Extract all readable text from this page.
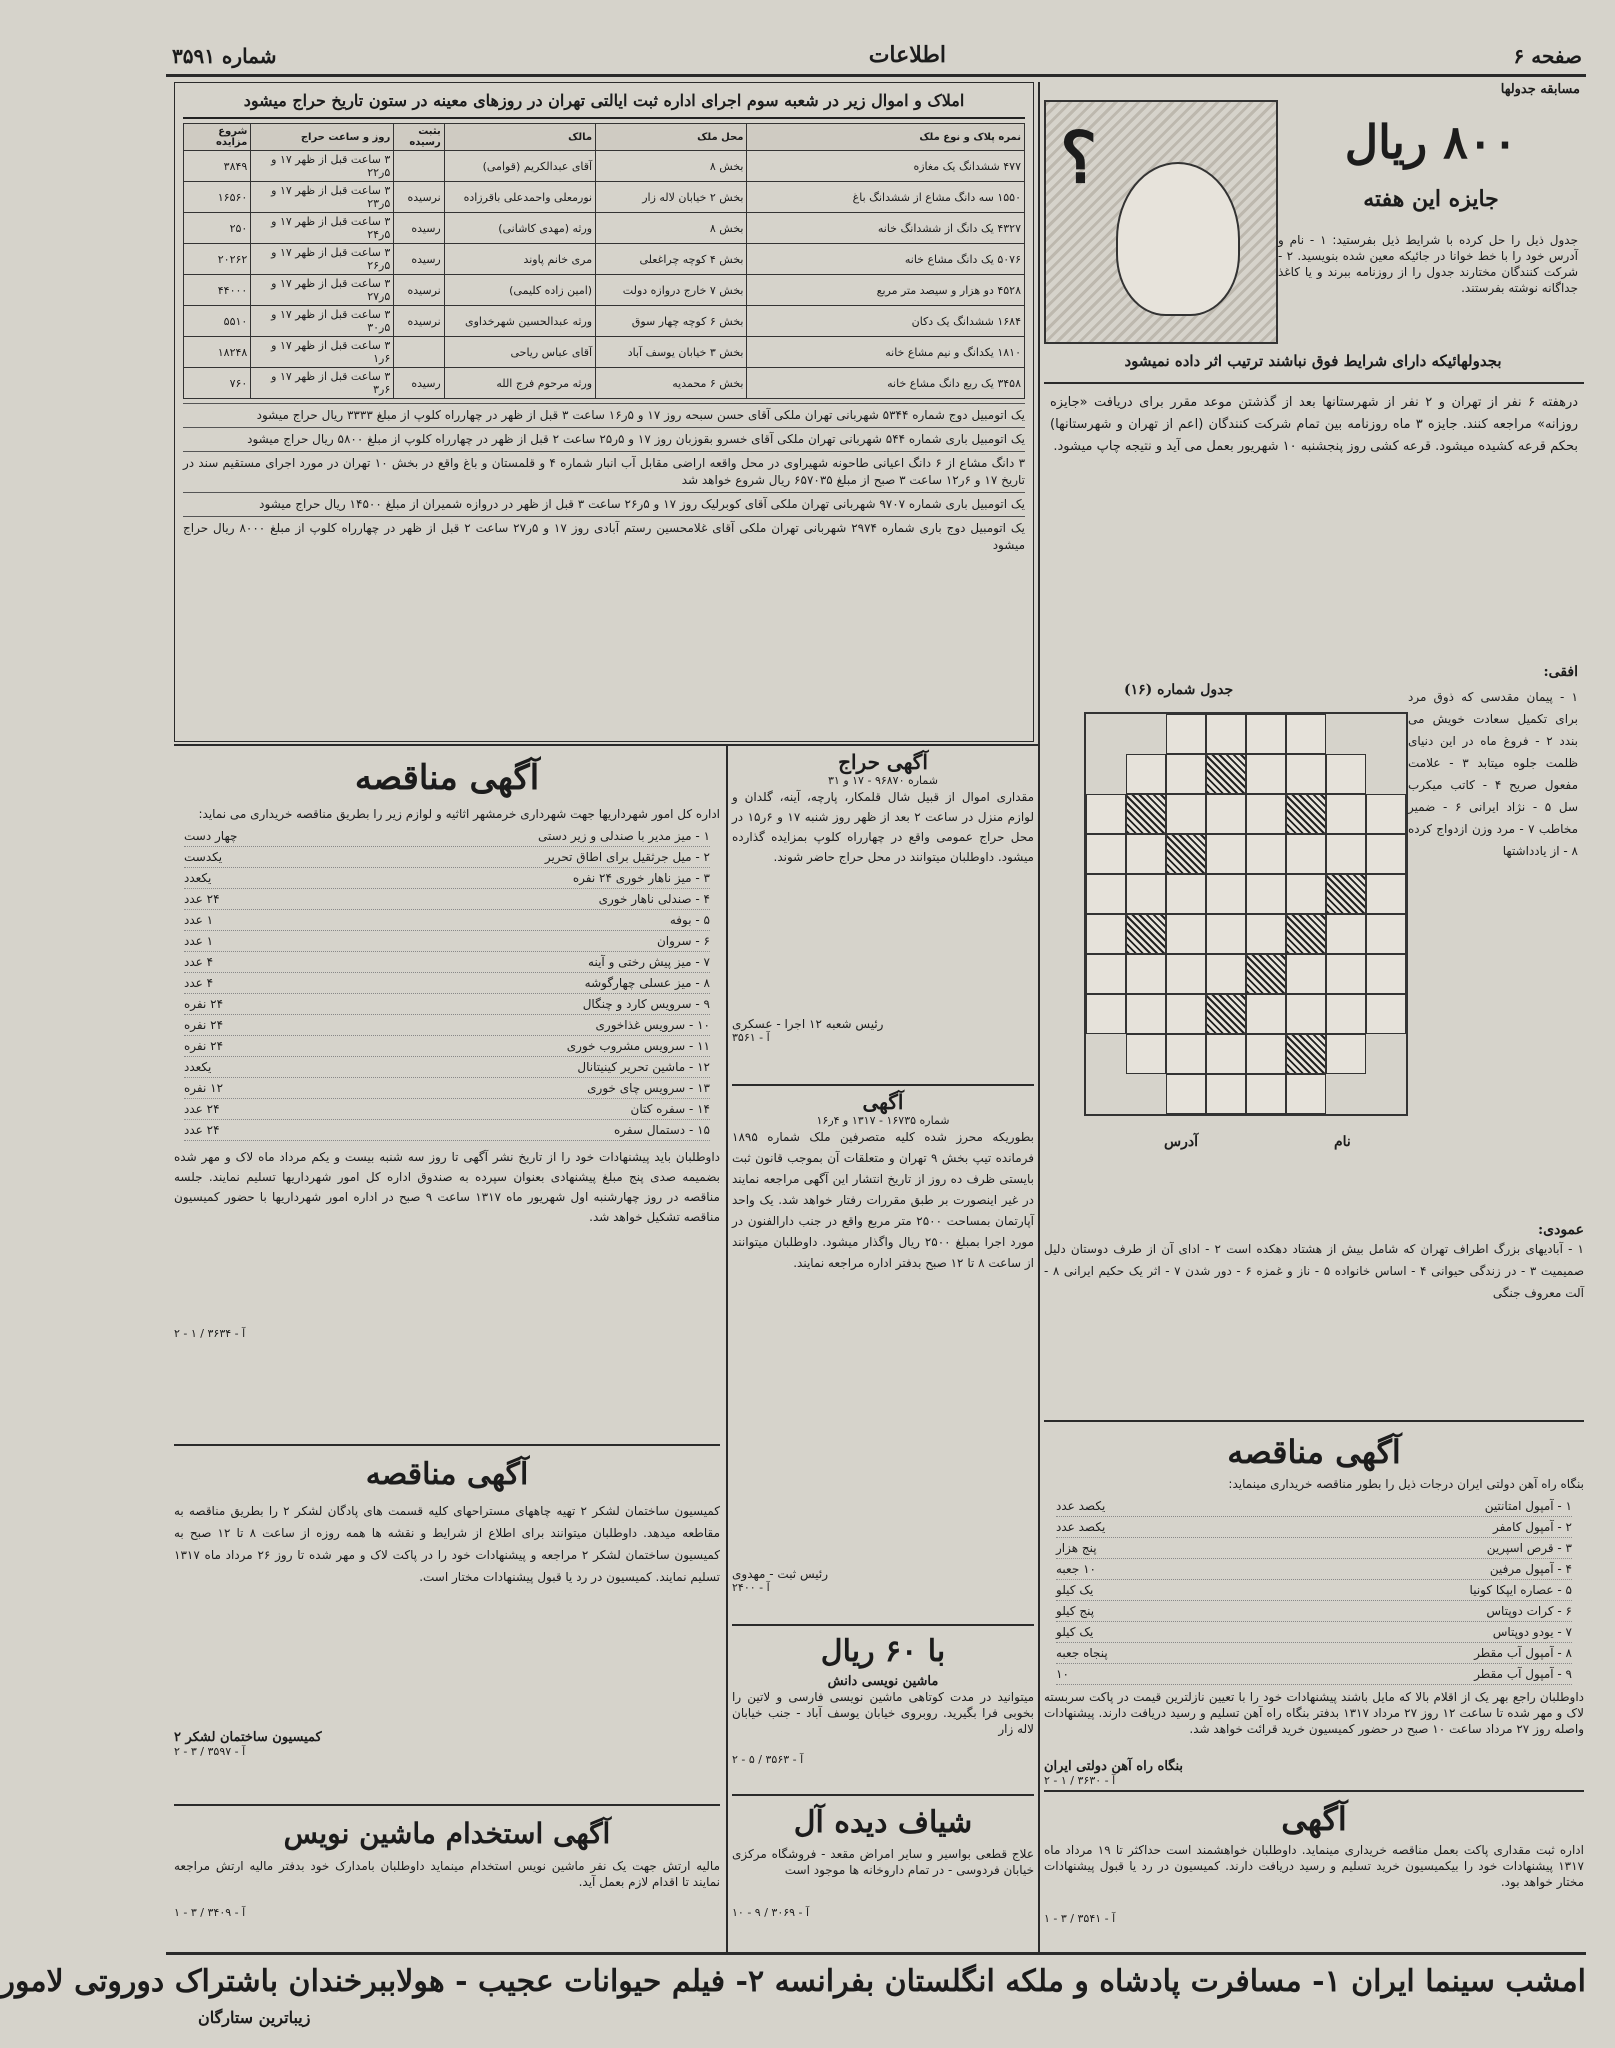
صفحه ۶
اطلاعات
شماره ۳۵۹۱
املاک و اموال زیر در شعبه سوم اجرای اداره ثبت ایالتی تهران در روزهای معینه در ستون تاریخ حراج میشود
نمره پلاک و نوع ملک	محل ملک	مالک	بثبت رسیده	روز و ساعت حراج	شروع مزایده
۴۷۷ ششدانگ یک مغازه	بخش ۸	آقای عبدالکریم (قوامی)		۳ ساعت قبل از ظهر ۱۷ و ۵ر۲۲	۳۸۴۹
۱۵۵۰ سه دانگ مشاع از ششدانگ باغ	بخش ۲ خیابان لاله زار	نورمعلی واحمدعلی باقرزاده	نرسیده	۳ ساعت قبل از ظهر ۱۷ و ۵ر۲۳	۱۶۵۶۰
۴۳۲۷ یک دانگ از ششدانگ خانه	بخش ۸	ورثه (مهدی کاشانی)	رسیده	۳ ساعت قبل از ظهر ۱۷ و ۵ر۲۴	۲۵۰
۵۰۷۶ یک دانگ مشاع خانه	بخش ۴ کوچه چراغعلی	مری خانم پاوند	رسیده	۳ ساعت قبل از ظهر ۱۷ و ۵ر۲۶	۲۰۲۶۲
۴۵۲۸ دو هزار و سیصد متر مربع	بخش ۷ خارج دروازه دولت	(امین زاده کلیمی)	نرسیده	۳ ساعت قبل از ظهر ۱۷ و ۵ر۲۷	۴۴۰۰۰
۱۶۸۴ ششدانگ یک دکان	بخش ۶ کوچه چهار سوق	ورثه عبدالحسین شهرخداوی	نرسیده	۳ ساعت قبل از ظهر ۱۷ و ۵ر۳۰	۵۵۱۰
۱۸۱۰ یکدانگ و نیم مشاع خانه	بخش ۳ خیابان یوسف آباد	آقای عباس ریاحی		۳ ساعت قبل از ظهر ۱۷ و ۶ر۱	۱۸۲۴۸
۳۴۵۸ یک ربع دانگ مشاع خانه	بخش ۶ محمدیه	ورثه مرحوم فرج الله	رسیده	۳ ساعت قبل از ظهر ۱۷ و ۶ر۳	۷۶۰
یک اتومبیل دوج شماره ۵۳۴۴ شهربانی تهران ملکی آقای حسن سبحه روز ۱۷ و ۵ر۱۶ ساعت ۳ قبل از ظهر در چهارراه کلوپ از مبلغ ۳۳۳۳ ریال حراج میشود
یک اتومبیل باری شماره ۵۴۴ شهربانی تهران ملکی آقای خسرو بقوزبان روز ۱۷ و ۵ر۲۵ ساعت ۲ قبل از ظهر در چهارراه کلوپ از مبلغ ۵۸۰۰ ریال حراج میشود
۳ دانگ مشاع از ۶ دانگ اعیانی طاحونه شهیراوی در محل واقعه اراضی مقابل آب انبار شماره ۴ و قلمستان و باغ واقع در بخش ۱۰ تهران در مورد اجرای مستقیم سند در تاریخ ۱۷ و ۶ر۱۲ ساعت ۳ صبح از مبلغ ۶۵۷۰۳۵ ریال شروع خواهد شد
یک اتومبیل باری شماره ۹۷۰۷ شهربانی تهران ملکی آقای کوبرلیک روز ۱۷ و ۵ر۲۶ ساعت ۳ قبل از ظهر در دروازه شمیران از مبلغ ۱۴۵۰۰ ریال حراج میشود
یک اتومبیل دوج باری شماره ۲۹۷۴ شهربانی تهران ملکی آقای غلامحسین رستم آبادی روز ۱۷ و ۵ر۲۷ ساعت ۲ قبل از ظهر در چهارراه کلوپ از مبلغ ۸۰۰۰ ریال حراج میشود
مسابقه جدولها
؟	۸۰۰ ریال
جایزه این هفته
جدول ذیل را حل کرده با شرایط ذیل بفرستید: ۱ - نام و آدرس خود را با خط خوانا در جائیکه معین شده بنویسید. ۲ - شرکت کنندگان مختارند جدول را از روزنامه ببرند و یا کاغذ جداگانه نوشته بفرستند.
بجدولهائیکه دارای شرایط فوق نباشند ترتیب اثر داده نمیشود
درهفته ۶ نفر از تهران و ۲ نفر از شهرستانها بعد از گذشتن موعد مقرر برای دریافت «جایزه روزانه» مراجعه کنند. جایزه ۳ ماه روزنامه بین تمام شرکت کنندگان (اعم از تهران و شهرستانها) بحکم قرعه کشیده میشود. قرعه کشی روز پنجشنبه ۱۰ شهریور بعمل می آید و نتیجه چاپ میشود.
افقی:
جدول شماره (۱۶)
نام
آدرس
۱ - پیمان مقدسی که ذوق مرد برای تکمیل سعادت خویش می بندد ۲ - فروغ ماه در این دنیای ظلمت جلوه میتابد ۳ - علامت مفعول صریح ۴ - کاتب میکرب سل ۵ - نژاد ایرانی ۶ - ضمیر مخاطب ۷ - مرد وزن ازدواج کرده ۸ - از یادداشتها
عمودی:
۱ - آبادیهای بزرگ اطراف تهران که شامل بیش از هشتاد دهکده است ۲ - ادای آن از طرف دوستان دلیل صمیمیت ۳ - در زندگی حیوانی ۴ - اساس خانواده ۵ - ناز و غمزه ۶ - دور شدن ۷ - اثر یک حکیم ایرانی ۸ - آلت معروف جنگی
آگهی مناقصه
بنگاه راه آهن دولتی ایران درجات ذیل را بطور مناقصه خریداری مینماید:
۱ - آمپول امتانتین
یکصد عدد
۲ - آمپول کامفر
یکصد عدد
۳ - قرص اسپرین
پنج هزار
۴ - آمپول مرفین
۱۰ جعبه
۵ - عصاره ایپکا کونیا
یک کیلو
۶ - کرات دوپتاس
پنج کیلو
۷ - یودو دوپتاس
یک کیلو
۸ - آمپول آب مقطر
پنجاه جعبه
۹ - آمپول آب مقطر
۱۰
داوطلبان راجع بهر یک از اقلام بالا که مایل باشند پیشنهادات خود را با تعیین نازلترین قیمت در پاکت سربسته لاک و مهر شده تا ساعت ۱۲ روز ۲۷ مرداد ۱۳۱۷ بدفتر بنگاه راه آهن تسلیم و رسید دریافت دارند. پیشنهادات واصله روز ۲۷ مرداد ساعت ۱۰ صبح در حضور کمیسیون خرید قرائت خواهد شد.
بنگاه راه آهن دولتی ایران
آ - ۳۶۳۰ / ۱ - ۲
آگهی
اداره ثبت مقداری پاکت بعمل مناقصه خریداری مینماید. داوطلبان خواهشمند است حداکثر تا ۱۹ مرداد ماه ۱۳۱۷ پیشنهادات خود را بیکمیسیون خرید تسلیم و رسید دریافت دارند. کمیسیون در رد یا قبول پیشنهادات مختار خواهد بود.
آ - ۳۵۴۱ / ۳ - ۱
آگهی حراج
شماره ۹۶۸۷۰ - ۱۷ و ۳۱
مقداری اموال از قبیل شال قلمکار، پارچه، آینه، گلدان و لوازم منزل در ساعت ۲ بعد از ظهر روز شنبه ۱۷ و ۶ر۱۵ در محل حراج عمومی واقع در چهارراه کلوپ بمزایده گذارده میشود. داوطلبان میتوانند در محل حراج حاضر شوند.
رئیس شعبه ۱۲ اجرا - عسکری
آ - ۳۵۶۱
آگهی
شماره ۱۶۷۳۵ - ۱۳۱۷ و ۴ر۱۶
بطوریکه محرز شده کلیه متصرفین ملک شماره ۱۸۹۵ فرمانده تیپ بخش ۹ تهران و متعلقات آن بموجب قانون ثبت بایستی ظرف ده روز از تاریخ انتشار این آگهی مراجعه نمایند در غیر اینصورت بر طبق مقررات رفتار خواهد شد. یک واحد آپارتمان بمساحت ۲۵۰۰ متر مربع واقع در جنب دارالفنون در مورد اجرا بمبلغ ۲۵۰۰ ریال واگذار میشود. داوطلبان میتوانند از ساعت ۸ تا ۱۲ صبح بدفتر اداره مراجعه نمایند.
رئیس ثبت - مهدوی
آ - ۲۴۰۰
با ۶۰ ریال
ماشین نویسی دانش
میتوانید در مدت کوتاهی ماشین نویسی فارسی و لاتین را بخوبی فرا بگیرید. روبروی خیابان یوسف آباد - جنب خیابان لاله زار
آ - ۳۵۶۳ / ۵ - ۲
شیاف دیده آل
علاج قطعی بواسیر و سایر امراض مقعد - فروشگاه مرکزی خیابان فردوسی - در تمام داروخانه ها موجود است
آ - ۳۰۶۹ / ۹ - ۱۰
آگهی مناقصه
اداره کل امور شهرداریها جهت شهرداری خرمشهر اثاثیه و لوازم زیر را بطریق مناقصه خریداری می نماید:
۱ - میز مدیر با صندلی و زیر دستی
چهار دست
۲ - میل جرثقیل برای اطاق تحریر
یکدست
۳ - میز ناهار خوری ۲۴ نفره
یکعدد
۴ - صندلی ناهار خوری
۲۴ عدد
۵ - بوفه
۱ عدد
۶ - سروان
۱ عدد
۷ - میز پیش رختی و آینه
۴ عدد
۸ - میز عسلی چهارگوشه
۴ عدد
۹ - سرویس کارد و چنگال
۲۴ نفره
۱۰ - سرویس غذاخوری
۲۴ نفره
۱۱ - سرویس مشروب خوری
۲۴ نفره
۱۲ - ماشین تحریر کینیتانال
یکعدد
۱۳ - سرویس چای خوری
۱۲ نفره
۱۴ - سفره کتان
۲۴ عدد
۱۵ - دستمال سفره
۲۴ عدد
داوطلبان باید پیشنهادات خود را از تاریخ نشر آگهی تا روز سه شنبه بیست و یکم مرداد ماه لاک و مهر شده بضمیمه صدی پنج مبلغ پیشنهادی بعنوان سپرده به صندوق اداره کل امور شهرداریها تسلیم نمایند. جلسه مناقصه در روز چهارشنبه اول شهریور ماه ۱۳۱۷ ساعت ۹ صبح در اداره امور شهرداریها با حضور کمیسیون مناقصه تشکیل خواهد شد.
آ - ۳۶۳۴ / ۱ - ۲
آگهی مناقصه
کمیسیون ساختمان لشکر ۲ تهیه چاههای مستراحهای کلیه قسمت های پادگان لشکر ۲ را بطریق مناقصه به مقاطعه میدهد. داوطلبان میتوانند برای اطلاع از شرایط و نقشه ها همه روزه از ساعت ۸ تا ۱۲ صبح به کمیسیون ساختمان لشکر ۲ مراجعه و پیشنهادات خود را در پاکت لاک و مهر شده تا روز ۲۶ مرداد ماه ۱۳۱۷ تسلیم نمایند. کمیسیون در رد یا قبول پیشنهادات مختار است.
کمیسیون ساختمان لشکر ۲
آ - ۳۵۹۷ / ۳ - ۲
آگهی استخدام ماشین نویس
مالیه ارتش جهت یک نفر ماشین نویس استخدام مینماید داوطلبان بامدارک خود بدفتر مالیه ارتش مراجعه نمایند تا اقدام لازم بعمل آید.
آ - ۳۴۰۹ / ۳ - ۱
امشب سینما ایران ۱- مسافرت پادشاه و ملکه انگلستان بفرانسه ۲- فیلم حیوانات عجیب - هولاببرخندان باشتراک دوروتی لامور
زیباترین ستارگان
